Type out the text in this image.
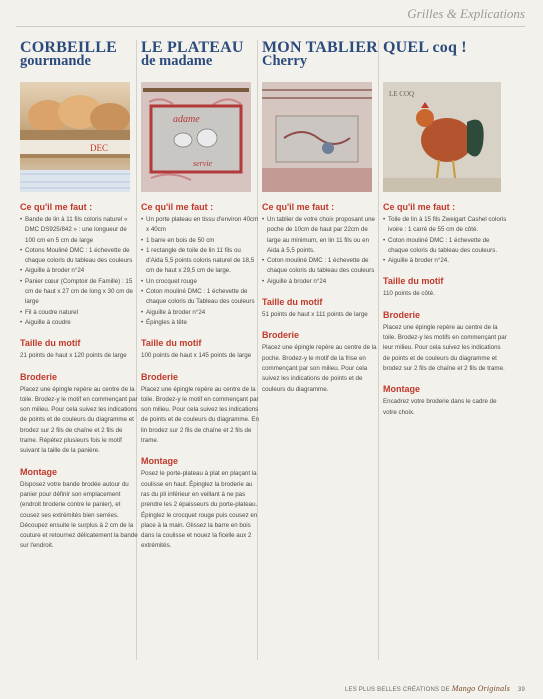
Grilles & Explications
CORBEILLE
gourmande
DEC
Ce qu'il me faut :
• Bande de lin à 11 fils coloris naturel « DMC DS925/842 » : une longueur de 100 cm en 5 cm de large
• Cotons Mouliné DMC : 1 échevette de chaque coloris du tableau des couleurs
• Aiguille à broder n°24
• Panier cœur (Comptoir de Famille) : 15 cm de haut x 27 cm de long x 30 cm de large
• Fil à coudre naturel
• Aiguille à coudre
Taille du motif

21 points de haut x 120 points de large

Broderie

Placez une épingle repère au centre de la toile. Brodez-y le motif en commençant par son milieu. Pour cela suivez les indications de points et de couleurs du diagramme et brodez sur 2 fils de chaîne et 2 fils de trame. Répétez plusieurs fois le motif suivant la taille de la panière.

Montage

Disposez votre bande brodée autour du panier pour définir son emplacement (endroit broderie contre le panier), et cousez ses extrémités bien serrées. Découpez ensuite le surplus à 2 cm de la couture et retournez délicatement la bande sur l'endroit.

LE PLATEAU
de madame
adame
servie
Ce qu'il me faut :
• Un porte plateau en tissu d'environ 40cm x 40cm
• 1 barre en bois de 50 cm
• 1 rectangle de toile de lin 11 fils ou d'Aida 5,5 points coloris naturel de 18,5 cm de haut x 29,5 cm de large.
• Un crocquet rouge
• Coton mouliné DMC : 1 échevette de chaque coloris du Tableau des couleurs
• Aiguille à broder n°24
• Épingles à tête
Taille du motif

100 points de haut x 145 points de large

Broderie

Placez une épingle repère au centre de la toile. Brodez-y le motif en commençant par son milieu. Pour cela suivez les indications de points et de couleurs du diagramme. En lin brodez sur 2 fils de chaîne et 2 fils de trame.

Montage

Posez le porte-plateau à plat en plaçant la coulisse en haut. Épinglez la broderie au ras du pli inférieur en veillant à ne pas prendre les 2 épaisseurs du porte-plateau. Épinglez le crocquet rouge puis cousez en place à la main. Glissez la barre en bois dans la coulisse et nouez la ficelle aux 2 extrémités.

MON TABLIER
Cherry
Ce qu'il me faut :
• Un tablier de votre choix proposant une poche de 10cm de haut par 22cm de large au minimum, en lin 11 fils ou en Aida à 5,5 points.
• Coton mouliné DMC : 1 échevette de chaque coloris du tableau des couleurs
• Aiguille à broder n°24
Taille du motif

51 points de haut x 111 points de large

Broderie

Placez une épingle repère au centre de la poche. Brodez-y le motif de la frise en commençant par son milieu. Pour cela suivez les indications de points et de couleurs du diagramme.

QUEL coq !
LE COQ
Ce qu'il me faut :
• Toile de lin à 15 fils Zweigart Cashel coloris ivoire : 1 carré de 55 cm de côté.
• Coton mouliné DMC : 1 échevette de chaque coloris du tableau des couleurs.
• Aiguille à broder n°24.
Taille du motif

110 points de côté.

Broderie

Placez une épingle repère au centre de la toile. Brodez-y les motifs en commençant par leur milieu. Pour cela suivez les indications de points et de couleurs du diagramme et brodez sur 2 fils de chaîne et 2 fils de trame.

Montage

Encadrez votre broderie dans le cadre de votre choix.

LES PLUS BELLES CRÉATIONS DE Mango Originals 39
